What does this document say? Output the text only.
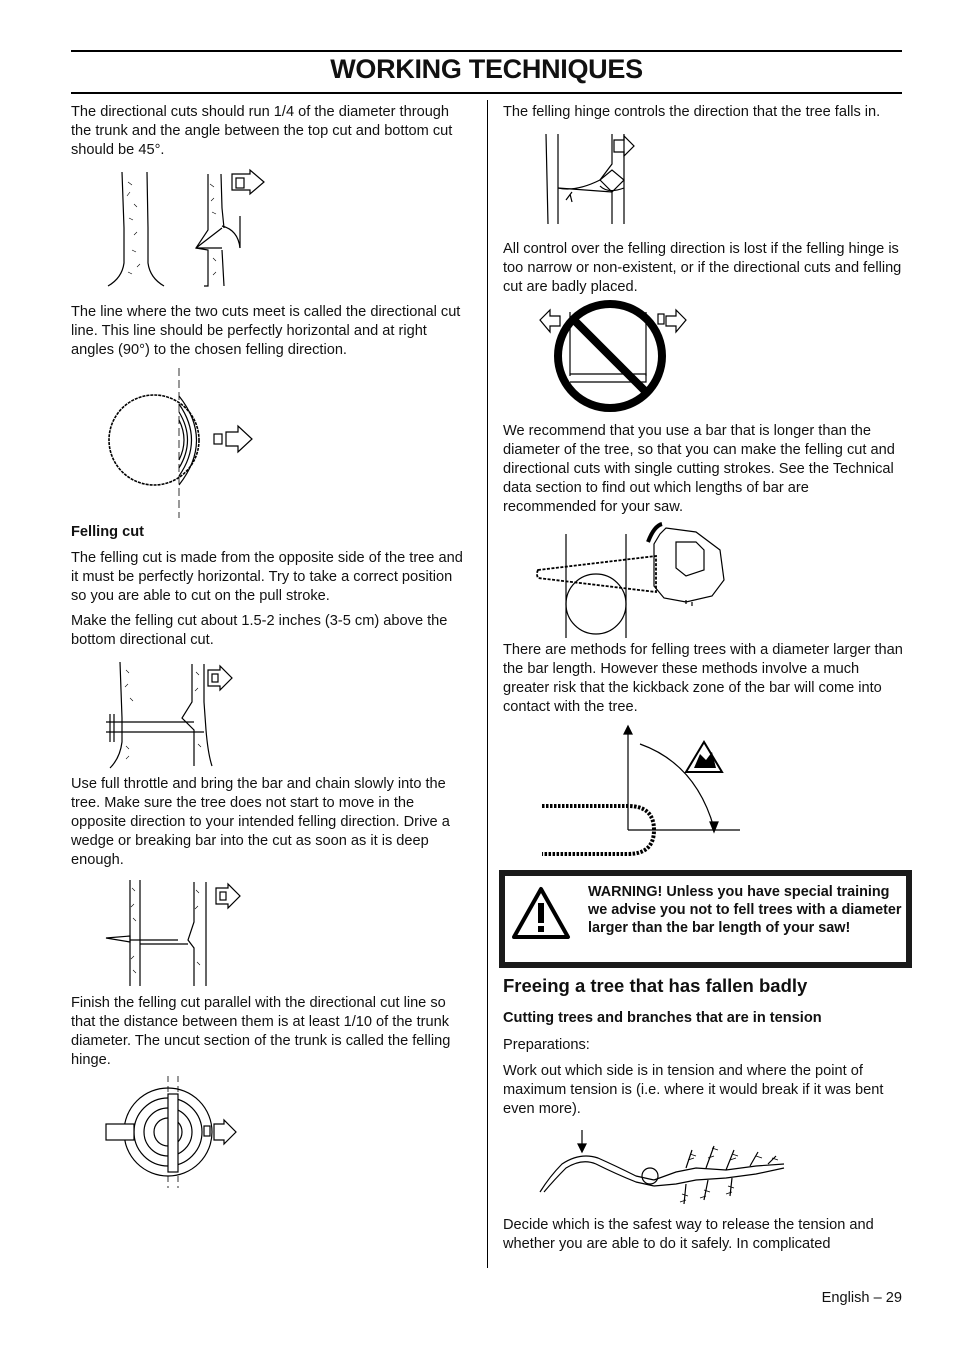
WORKING TECHNIQUES

The directional cuts should run 1/4 of the diameter through the trunk and the angle between the top cut and bottom cut should be 45°.

The line where the two cuts meet is called the directional cut line. This line should be perfectly horizontal and at right angles (90°) to the chosen felling direction.

Felling cut

The felling cut is made from the opposite side of the tree and it must be perfectly horizontal. Try to take a correct position so you are able to cut on the pull stroke.

Make the felling cut about 1.5-2 inches (3-5 cm) above the bottom directional cut.

Use full throttle and bring the bar and chain slowly into the tree. Make sure the tree does not start to move in the opposite direction to your intended felling direction. Drive a wedge or breaking bar into the cut as soon as it is deep enough.

Finish the felling cut parallel with the directional cut line so that the distance between them is at least 1/10 of the trunk diameter. The uncut section of the trunk is called the felling hinge.

The felling hinge controls the direction that the tree falls in.

All control over the felling direction is lost if the felling hinge is too narrow or non-existent, or if the directional cuts and felling cut are badly placed.

We recommend that you use a bar that is longer than the diameter of the tree, so that you can make the felling cut and directional cuts with single cutting strokes. See the Technical data section to find out which lengths of bar are recommended for your saw.

There are methods for felling trees with a diameter larger than the bar length. However these methods involve a much greater risk that the kickback zone of the bar will come into contact with the tree.

WARNING! Unless you have special training we advise you not to fell trees with a diameter larger than the bar length of your saw!

Freeing a tree that has fallen badly

Cutting trees and branches that are in tension

Preparations:

Work out which side is in tension and where the point of maximum tension is (i.e. where it would break if it was bent even more).

Decide which is the safest way to release the tension and whether you are able to do it safely. In complicated

English – 29
